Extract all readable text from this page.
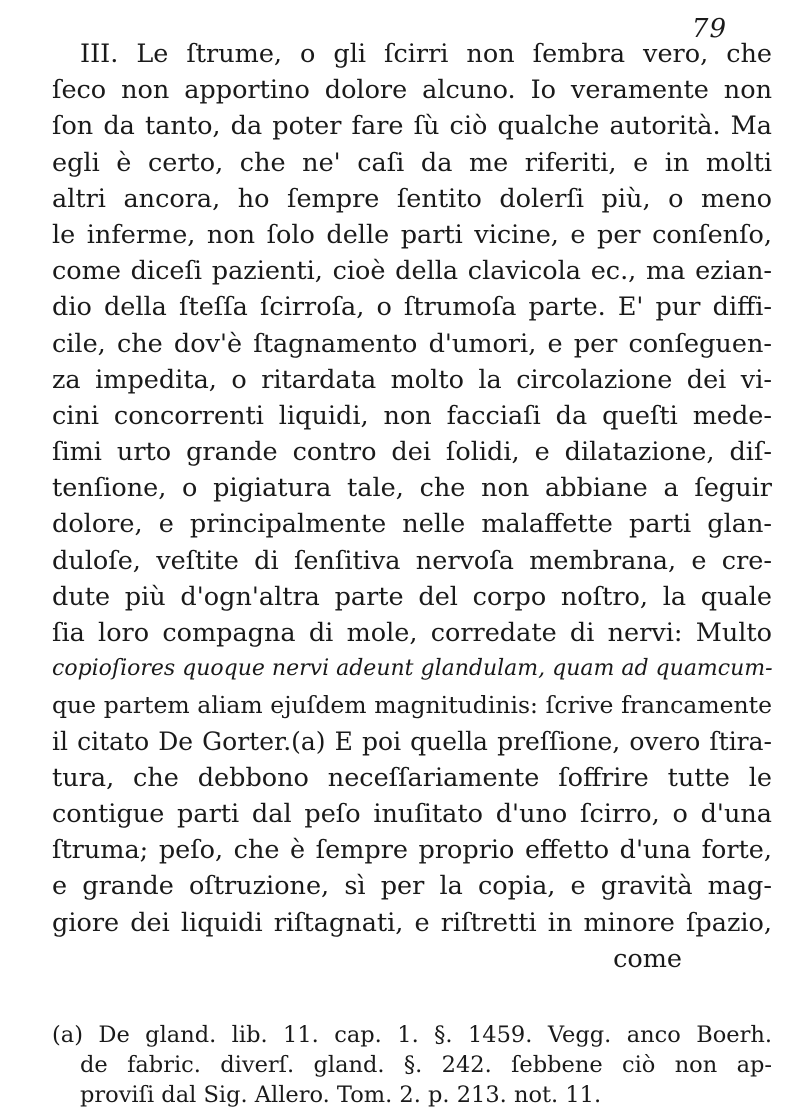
79
III. Le ſtrume, o gli ſcirri non ſembra vero, che
ſeco non apportino dolore alcuno. Io veramente non
ſon da tanto, da poter fare ſù ciò qualche autorità. Ma
egli è certo, che ne' caſi da me riferiti, e in molti
altri ancora, ho ſempre ſentito dolerſi più, o meno
le inferme, non ſolo delle parti vicine, e per conſenſo,
come diceſi pazienti, cioè della clavicola ec., ma ezian-
dio della ſteſſa ſcirroſa, o ſtrumoſa parte. E' pur diffi-
cile, che dov'è ſtagnamento d'umori, e per conſeguen-
za impedita, o ritardata molto la circolazione dei vi-
cini concorrenti liquidi, non facciaſi da queſti mede-
ſimi urto grande contro dei ſolidi, e dilatazione, diſ-
tenſione, o pigiatura tale, che non abbiane a ſeguir
dolore, e principalmente nelle malaffette parti glan-
duloſe, veſtite di ſenſitiva nervoſa membrana, e cre-
dute più d'ogn'altra parte del corpo noſtro, la quale
ſia loro compagna di mole, corredate di nervi: Multo
copioſiores quoque nervi adeunt glandulam, quam ad quamcum-
que partem aliam ejuſdem magnitudinis: ſcrive francamente
il citato De Gorter.(a) E poi quella preſſione, overo ſtira-
tura, che debbono neceſſariamente ſoffrire tutte le
contigue parti dal peſo inuſitato d'uno ſcirro, o d'una
ſtruma; peſo, che è ſempre proprio effetto d'una forte,
e grande oſtruzione, sì per la copia, e gravità mag-
giore dei liquidi riſtagnati, e riſtretti in minore ſpazio,
come
(a) De gland. lib. 11. cap. 1. §. 1459. Vegg. anco Boerh.
de fabric. diverſ. gland. §. 242. ſebbene ciò non ap-
proviſi dal Sig. Allero. Tom. 2. p. 213. not. 11.
